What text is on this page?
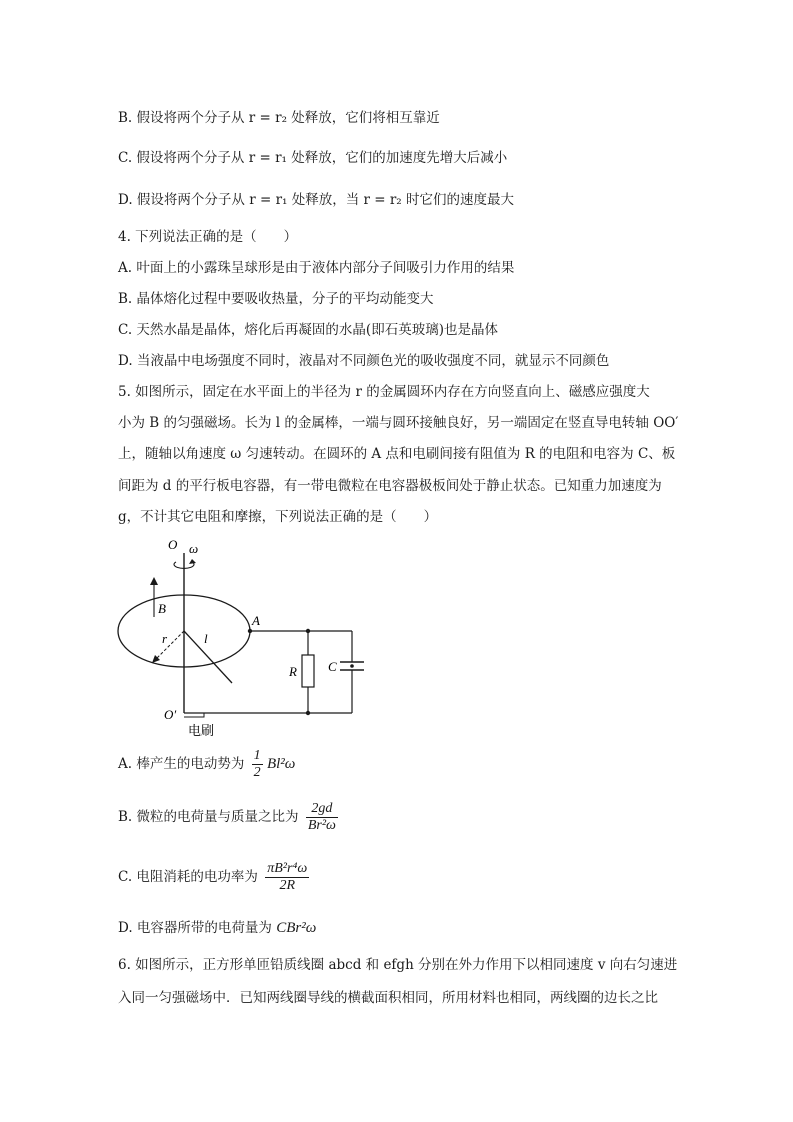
B. 假设将两个分子从 r = r₂ 处释放，它们将相互靠近
C. 假设将两个分子从 r = r₁ 处释放，它们的加速度先增大后减小
D. 假设将两个分子从 r = r₁ 处释放，当 r = r₂ 时它们的速度最大
4. 下列说法正确的是（　　）
A. 叶面上的小露珠呈球形是由于液体内部分子间吸引力作用的结果
B. 晶体熔化过程中要吸收热量，分子的平均动能变大
C. 天然水晶是晶体，熔化后再凝固的水晶(即石英玻璃)也是晶体
D. 当液晶中电场强度不同时，液晶对不同颜色光的吸收强度不同，就显示不同颜色
5. 如图所示，固定在水平面上的半径为 r 的金属圆环内存在方向竖直向上、磁感应强度大
小为 B 的匀强磁场。长为 l 的金属棒，一端与圆环接触良好，另一端固定在竖直导电转轴 OO′
上，随轴以角速度 ω 匀速转动。在圆环的 A 点和电刷间接有阻值为 R 的电阻和电容为 C、板
间距为 d 的平行板电容器，有一带电微粒在电容器极板间处于静止状态。已知重力加速度为
g，不计其它电阻和摩擦，下列说法正确的是（　　）
O ω
B
r	l
A
O′
电刷
R C
A. 棒产生的电动势为 $\frac{1}{2} Bl^2\omega$
B. 微粒的电荷量与质量之比为 $\frac{2gd}{\text{Br²ω}}$
C. 电阻消耗的电功率为 $\frac{\text{πB²r⁴ω}}{2R}$
D. 电容器所带的电荷量为 CBr²ω
6. 如图所示，正方形单匝铅质线圈 abcd 和 efgh 分别在外力作用下以相同速度 v 向右匀速进
入同一匀强磁场中．已知两线圈导线的横截面积相同，所用材料也相同，两线圈的边长之比
